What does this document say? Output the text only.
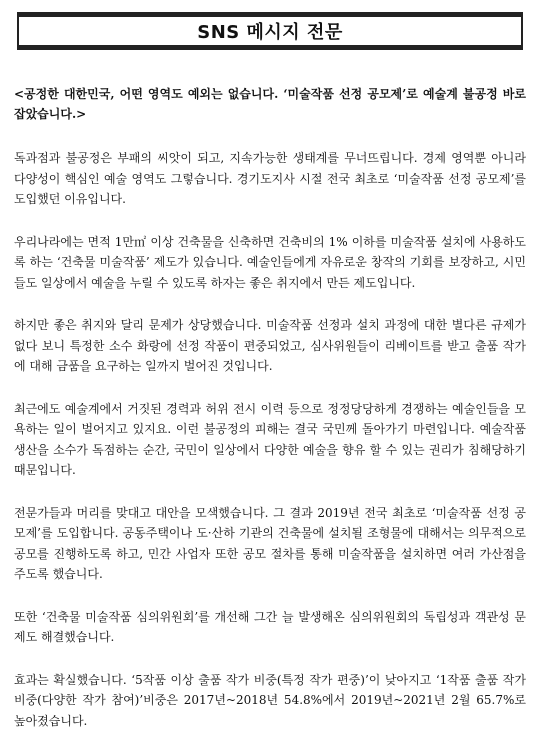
SNS 메시지 전문

<공정한 대한민국, 어떤 영역도 예외는 없습니다. ‘미술작품 선정 공모제’로 예술계 불공정 바로 잡았습니다.>

독과점과 불공정은 부패의 씨앗이 되고, 지속가능한 생태계를 무너뜨립니다. 경제 영역뿐 아니라 다양성이 핵심인 예술 영역도 그렇습니다. 경기도지사 시절 전국 최초로 ‘미술작품 선정 공모제’를 도입했던 이유입니다.

우리나라에는 면적 1만㎡ 이상 건축물을 신축하면 건축비의 1% 이하를 미술작품 설치에 사용하도록 하는 ‘건축물 미술작품’ 제도가 있습니다. 예술인들에게 자유로운 창작의 기회를 보장하고, 시민들도 일상에서 예술을 누릴 수 있도록 하자는 좋은 취지에서 만든 제도입니다.

하지만 좋은 취지와 달리 문제가 상당했습니다. 미술작품 선정과 설치 과정에 대한 별다른 규제가 없다 보니 특정한 소수 화랑에 선정 작품이 편중되었고, 심사위원들이 리베이트를 받고 출품 작가에 대해 금품을 요구하는 일까지 벌어진 것입니다.

최근에도 예술계에서 거짓된 경력과 허위 전시 이력 등으로 정정당당하게 경쟁하는 예술인들을 모욕하는 일이 벌어지고 있지요. 이런 불공정의 피해는 결국 국민께 돌아가기 마련입니다. 예술작품 생산을 소수가 독점하는 순간, 국민이 일상에서 다양한 예술을 향유 할 수 있는 권리가 침해당하기 때문입니다.

전문가들과 머리를 맞대고 대안을 모색했습니다. 그 결과 2019년 전국 최초로 ‘미술작품 선정 공모제’를 도입합니다. 공동주택이나 도·산하 기관의 건축물에 설치될 조형물에 대해서는 의무적으로 공모를 진행하도록 하고, 민간 사업자 또한 공모 절차를 통해 미술작품을 설치하면 여러 가산점을 주도록 했습니다.

또한 ‘건축물 미술작품 심의위원회’를 개선해 그간 늘 발생해온 심의위원회의 독립성과 객관성 문제도 해결했습니다.

효과는 확실했습니다. ‘5작품 이상 출품 작가 비중(특정 작가 편중)’이 낮아지고 ‘1작품 출품 작가 비중(다양한 작가 참여)’비중은 2017년~2018년 54.8%에서 2019년~2021년 2월 65.7%로 높아졌습니다.
